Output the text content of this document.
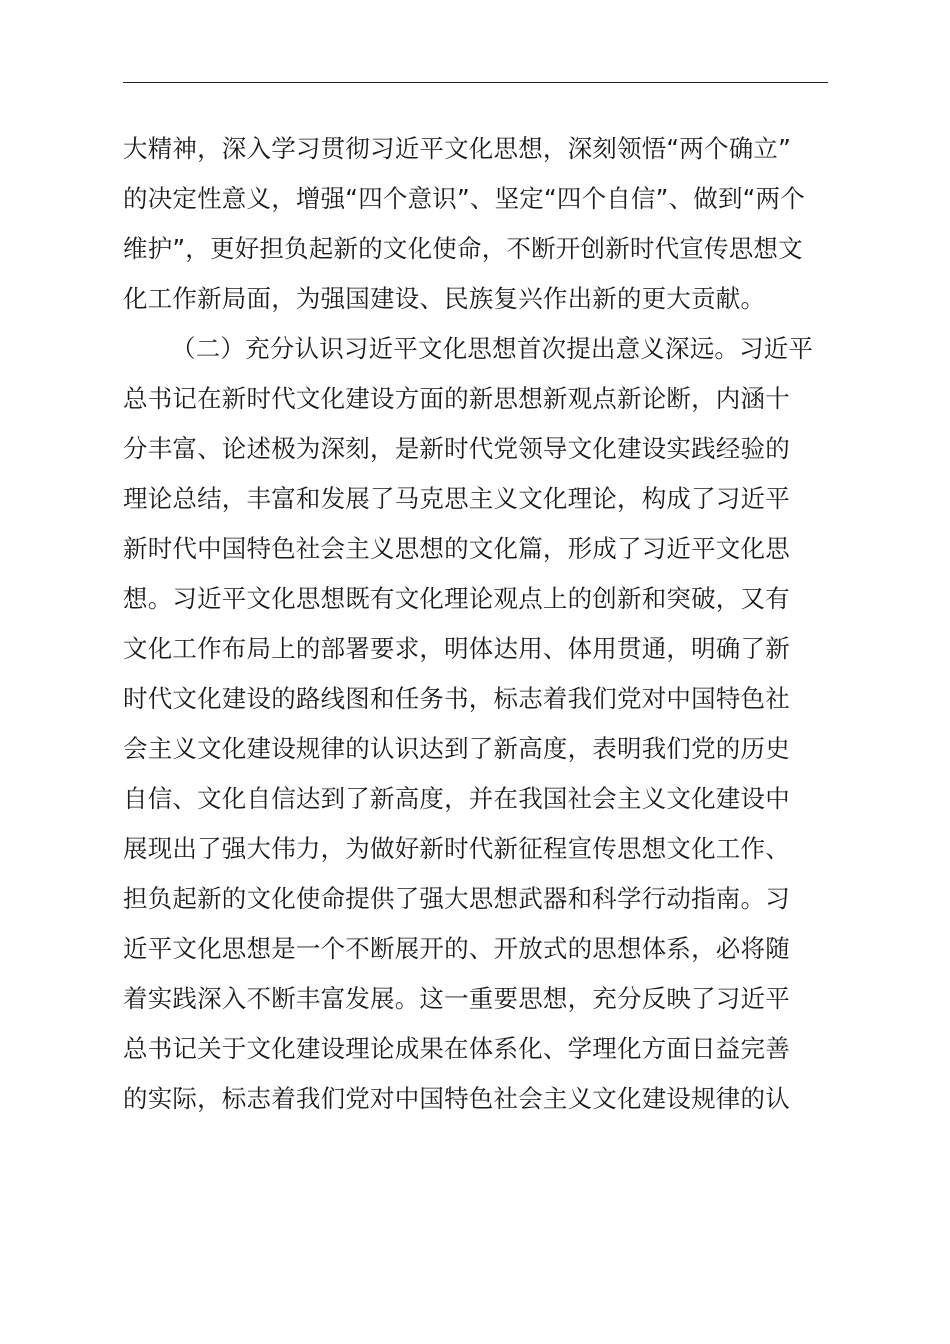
大精神，深入学习贯彻习近平文化思想，深刻领悟“两个确立”
的决定性意义，增强“四个意识”、坚定“四个自信”、做到“两个
维护”，更好担负起新的文化使命，不断开创新时代宣传思想文
化工作新局面，为强国建设、民族复兴作出新的更大贡献。
（二）充分认识习近平文化思想首次提出意义深远。习近平
总书记在新时代文化建设方面的新思想新观点新论断，内涵十
分丰富、论述极为深刻，是新时代党领导文化建设实践经验的
理论总结，丰富和发展了马克思主义文化理论，构成了习近平
新时代中国特色社会主义思想的文化篇，形成了习近平文化思
想。习近平文化思想既有文化理论观点上的创新和突破，又有
文化工作布局上的部署要求，明体达用、体用贯通，明确了新
时代文化建设的路线图和任务书，标志着我们党对中国特色社
会主义文化建设规律的认识达到了新高度，表明我们党的历史
自信、文化自信达到了新高度，并在我国社会主义文化建设中
展现出了强大伟力，为做好新时代新征程宣传思想文化工作、
担负起新的文化使命提供了强大思想武器和科学行动指南。习
近平文化思想是一个不断展开的、开放式的思想体系，必将随
着实践深入不断丰富发展。这一重要思想，充分反映了习近平
总书记关于文化建设理论成果在体系化、学理化方面日益完善
的实际，标志着我们党对中国特色社会主义文化建设规律的认
